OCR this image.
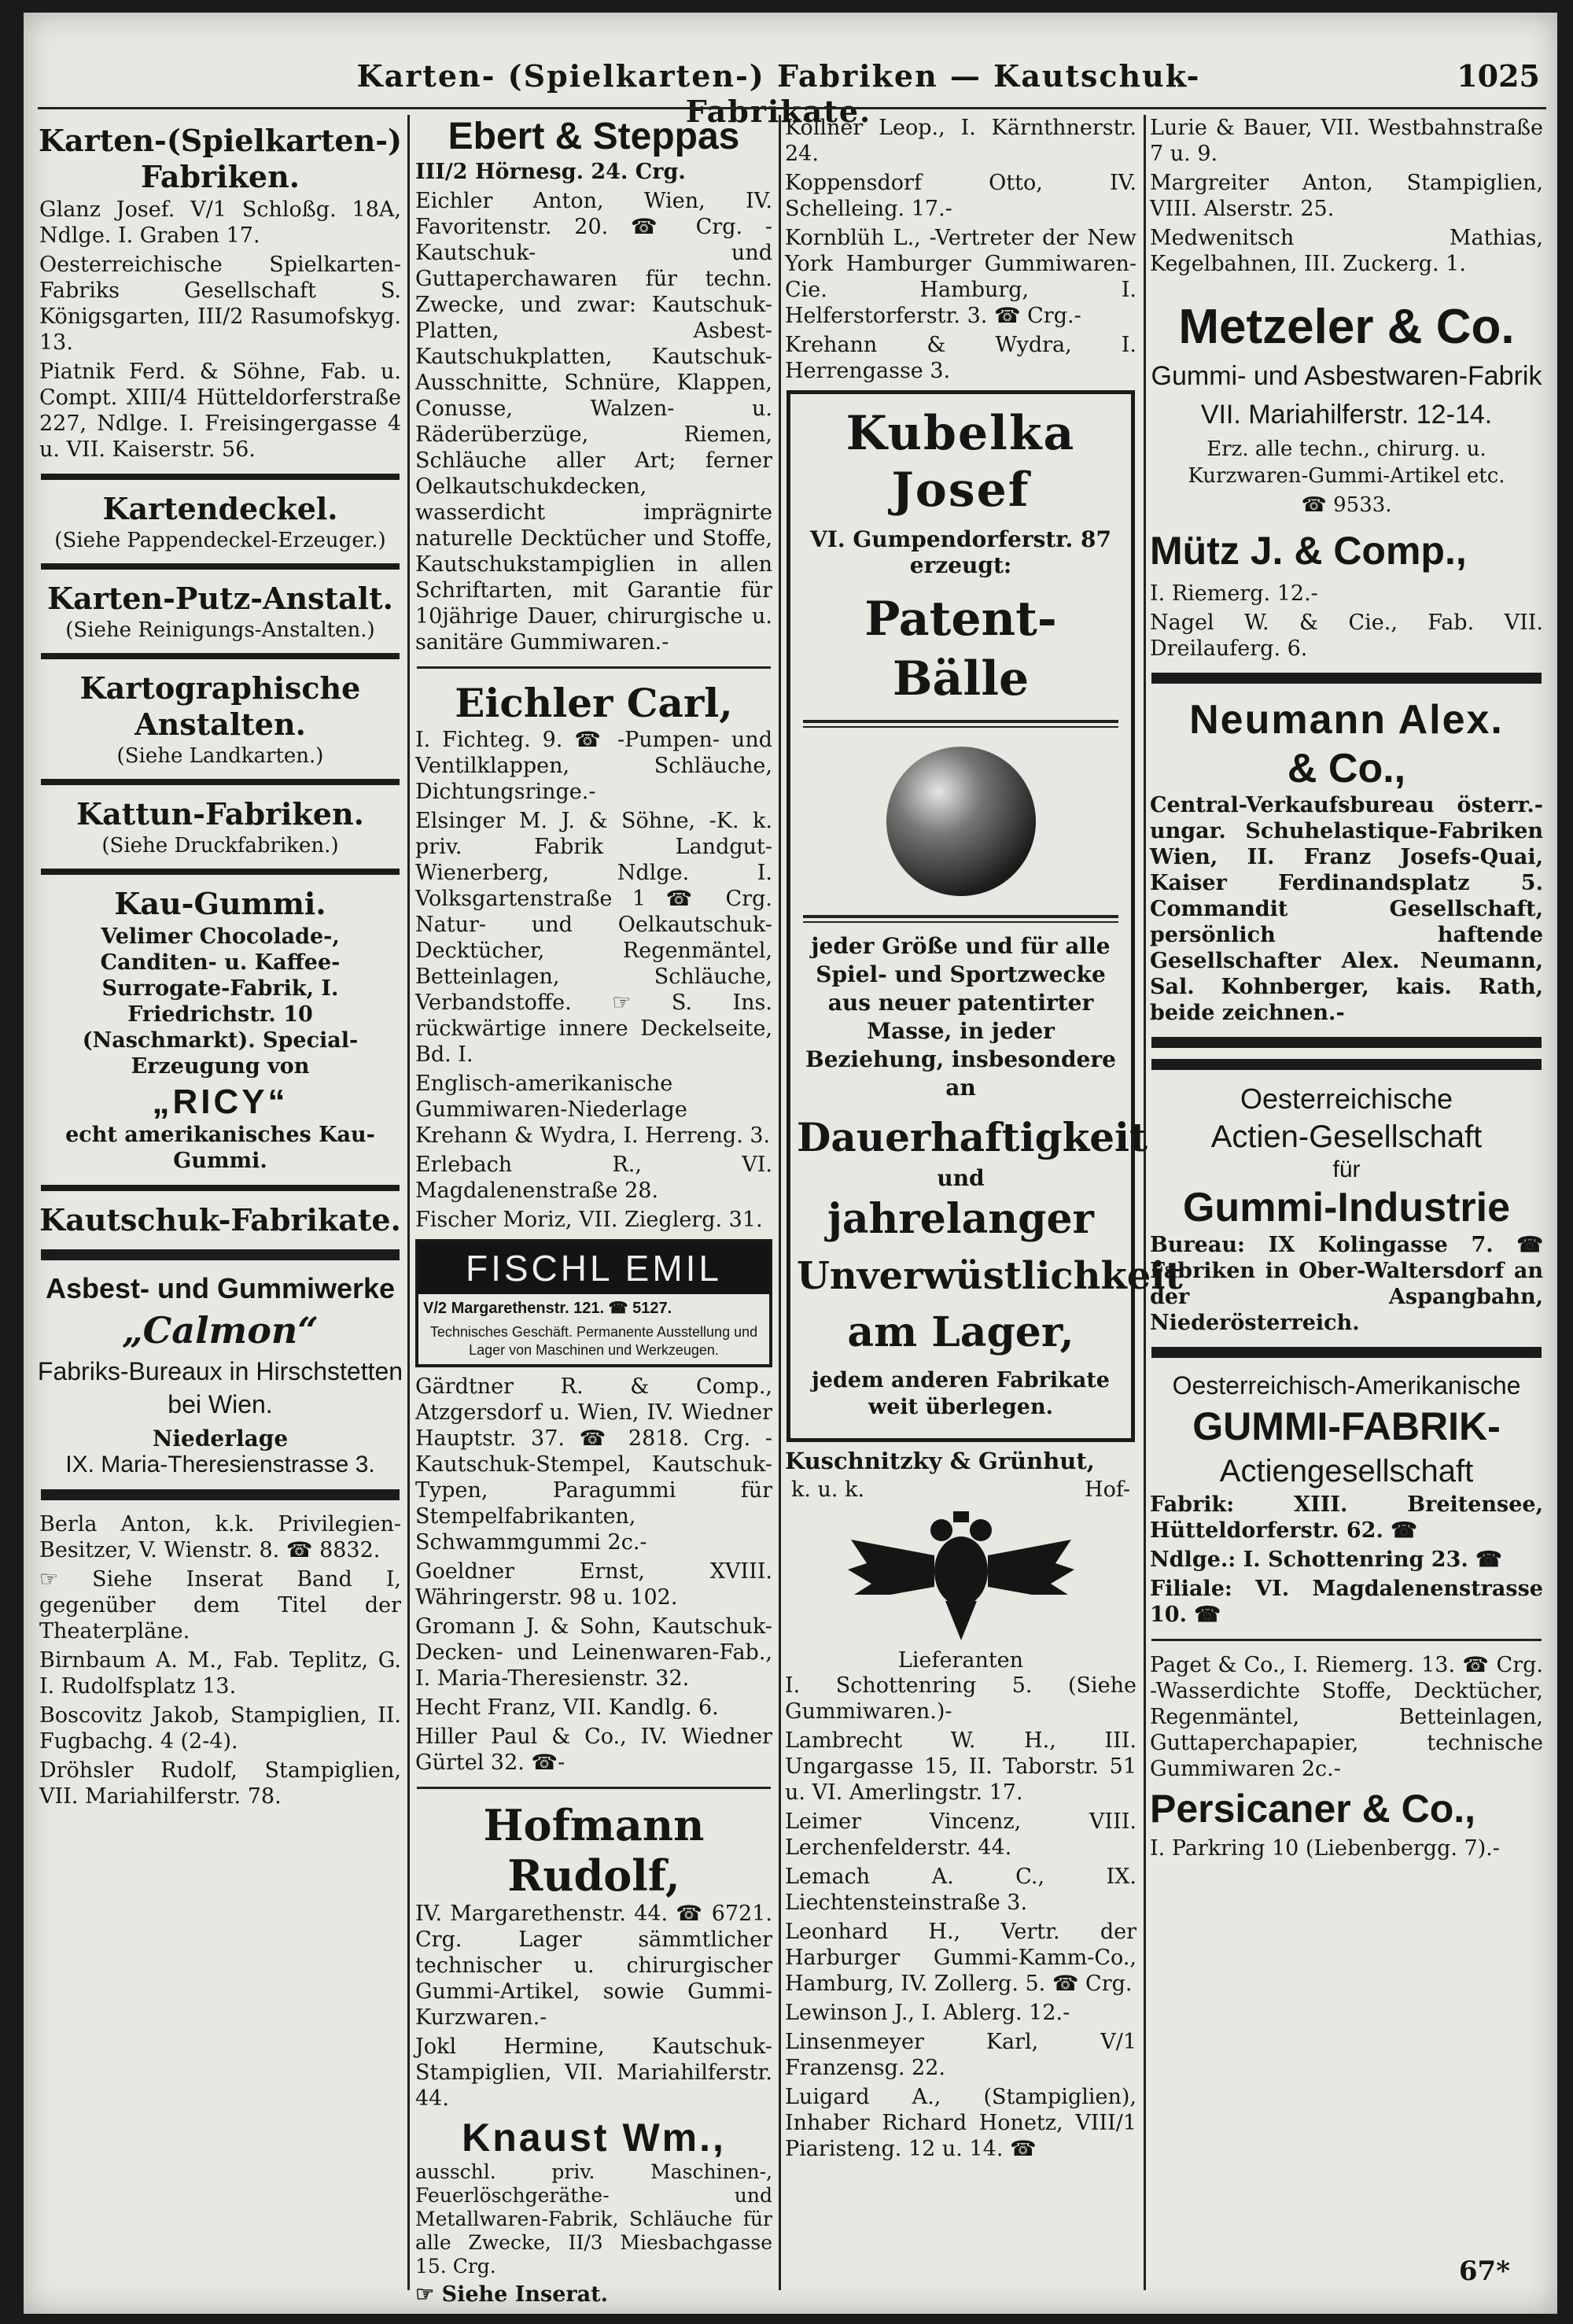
Karten- (Spielkarten-) Fabriken — Kautschuk-Fabrikate.
1025
Karten-(Spielkarten-) Fabriken.

Glanz Josef. V/1 Schloßg. 18A, Ndlge. I. Graben 17.

Oesterreichische Spielkarten-Fabriks Gesellschaft S. Königsgarten, III/2 Rasumofskyg. 13.

Piatnik Ferd. & Söhne, Fab. u. Compt. XIII/4 Hütteldorferstraße 227, Ndlge. I. Freisingergasse 4 u. VII. Kaiserstr. 56.

Kartendeckel.
(Siehe Pappendeckel-Erzeuger.)
Karten-Putz-Anstalt.
(Siehe Reinigungs-Anstalten.)
Kartographische Anstalten.
(Siehe Landkarten.)
Kattun-Fabriken.
(Siehe Druckfabriken.)
Kau-Gummi.

Velimer Chocolade-, Canditen- u. Kaffee-Surrogate-Fabrik, I. Friedrichstr. 10 (Naschmarkt). Special-Erzeugung von

„RICY“

echt amerikanisches Kau-Gummi.

Kautschuk-Fabrikate.
Asbest- und Gummiwerke
„Calmon“
Fabriks-Bureaux in Hirschstetten bei Wien.
Niederlage
IX. Maria-Theresienstrasse 3.

Berla Anton, k.k. Privilegien-Besitzer, V. Wienstr. 8. ☎ 8832.

☞ Siehe Inserat Band I, gegenüber dem Titel der Theaterpläne.

Birnbaum A. M., Fab. Teplitz, G. I. Rudolfsplatz 13.

Boscovitz Jakob, Stampiglien, II. Fugbachg. 4 (2-4).

Dröhsler Rudolf, Stampiglien, VII. Mariahilferstr. 78.

Ebert & Steppas

III/2 Hörnesg. 24. Crg.

Eichler Anton, Wien, IV. Favoritenstr. 20. ☎ Crg. -Kautschuk- und Guttaperchawaren für techn. Zwecke, und zwar: Kautschuk-Platten, Asbest-Kautschukplatten, Kautschuk-Ausschnitte, Schnüre, Klappen, Conusse, Walzen- u. Räderüberzüge, Riemen, Schläuche aller Art; ferner Oelkautschukdecken, wasserdicht imprägnirte naturelle Decktücher und Stoffe, Kautschukstampiglien in allen Schriftarten, mit Garantie für 10jährige Dauer, chirurgische u. sanitäre Gummiwaren.-

Eichler Carl,

I. Fichteg. 9. ☎ -Pumpen- und Ventilklappen, Schläuche, Dichtungsringe.-

Elsinger M. J. & Söhne, -K. k. priv. Fabrik Landgut-Wienerberg, Ndlge. I. Volksgartenstraße 1 ☎ Crg. Natur- und Oelkautschuk-Decktücher, Regenmäntel, Betteinlagen, Schläuche, Verbandstoffe. ☞ S. Ins. rückwärtige innere Deckelseite, Bd. I.

Englisch-amerikanische Gummiwaren-Niederlage Krehann & Wydra, I. Herreng. 3.

Erlebach R., VI. Magdalenenstraße 28.

Fischer Moriz, VII. Zieglerg. 31.

FISCHL EMIL

V/2 Margarethenstr. 121. ☎ 5127.

Technisches Geschäft. Permanente Ausstellung und Lager von Maschinen und Werkzeugen.

Gärdtner R. & Comp., Atzgersdorf u. Wien, IV. Wiedner Hauptstr. 37. ☎ 2818. Crg. -Kautschuk-Stempel, Kautschuk-Typen, Paragummi für Stempelfabrikanten, Schwammgummi 2c.-

Goeldner Ernst, XVIII. Währingerstr. 98 u. 102.

Gromann J. & Sohn, Kautschuk-Decken- und Leinenwaren-Fab., I. Maria-Theresienstr. 32.

Hecht Franz, VII. Kandlg. 6.

Hiller Paul & Co., IV. Wiedner Gürtel 32. ☎-

Hofmann Rudolf,

IV. Margarethenstr. 44. ☎ 6721. Crg. Lager sämmtlicher technischer u. chirurgischer Gummi-Artikel, sowie Gummi-Kurzwaren.-

Jokl Hermine, Kautschuk-Stampiglien, VII. Mariahilferstr. 44.

Knaust Wm.,

ausschl. priv. Maschinen-, Feuerlöschgeräthe- und Metallwaren-Fabrik, Schläuche für alle Zwecke, II/3 Miesbachgasse 15. Crg.

☞ Siehe Inserat.

Köllner Leop., I. Kärnthnerstr. 24.

Koppensdorf Otto, IV. Schelleing. 17.-

Kornblüh L., -Vertreter der New York Hamburger Gummiwaren-Cie. Hamburg, I. Helferstorferstr. 3. ☎ Crg.-

Krehann & Wydra, I. Herrengasse 3.

Kubelka Josef
VI. Gumpendorferstr. 87
erzeugt:
Patent-Bälle
jeder Größe und für alle Spiel- und Sportzwecke aus neuer patentirter Masse, in jeder Beziehung, insbesondere an
Dauerhaftigkeit
und
jahrelanger
Unverwüstlichkeit
am Lager,
jedem anderen Fabrikate weit überlegen.

Kuschnitzky & Grünhut,

k. u. k.	Hof-
Lieferanten

I. Schottenring 5. (Siehe Gummiwaren.)-

Lambrecht W. H., III. Ungargasse 15, II. Taborstr. 51 u. VI. Amerlingstr. 17.

Leimer Vincenz, VIII. Lerchenfelderstr. 44.

Lemach A. C., IX. Liechtensteinstraße 3.

Leonhard H., Vertr. der Harburger Gummi-Kamm-Co., Hamburg, IV. Zollerg. 5. ☎ Crg.

Lewinson J., I. Ablerg. 12.-

Linsenmeyer Karl, V/1 Franzensg. 22.

Luigard A., (Stampiglien), Inhaber Richard Honetz, VIII/1 Piaristeng. 12 u. 14. ☎

Lurie & Bauer, VII. Westbahnstraße 7 u. 9.

Margreiter Anton, Stampiglien, VIII. Alserstr. 25.

Medwenitsch Mathias, Kegelbahnen, III. Zuckerg. 1.

Metzeler & Co.
Gummi- und Asbestwaren-Fabrik
VII. Mariahilferstr. 12-14.
Erz. alle techn., chirurg. u. Kurzwaren-Gummi-Artikel etc.
☎ 9533.
Mütz J. & Comp.,

I. Riemerg. 12.-

Nagel W. & Cie., Fab. VII. Dreilauferg. 6.

Neumann Alex.
& Co.,

Central-Verkaufsbureau österr.-ungar. Schuhelastique-Fabriken Wien, II. Franz Josefs-Quai, Kaiser Ferdinandsplatz 5. Commandit Gesellschaft, persönlich haftende Gesellschafter Alex. Neumann, Sal. Kohnberger, kais. Rath, beide zeichnen.-

Oesterreichische
Actien-Gesellschaft
für
Gummi-Industrie

Bureau: IX Kolingasse 7. ☎ Fabriken in Ober-Waltersdorf an der Aspangbahn, Niederösterreich.

Oesterreichisch-Amerikanische
GUMMI-FABRIK-
Actiengesellschaft

Fabrik: XIII. Breitensee, Hütteldorferstr. 62. ☎

Ndlge.: I. Schottenring 23. ☎

Filiale: VI. Magdalenenstrasse 10. ☎

Paget & Co., I. Riemerg. 13. ☎ Crg. -Wasserdichte Stoffe, Decktücher, Regenmäntel, Betteinlagen, Guttaperchapapier, technische Gummiwaren 2c.-

Persicaner & Co.,

I. Parkring 10 (Liebenbergg. 7).-

67*
